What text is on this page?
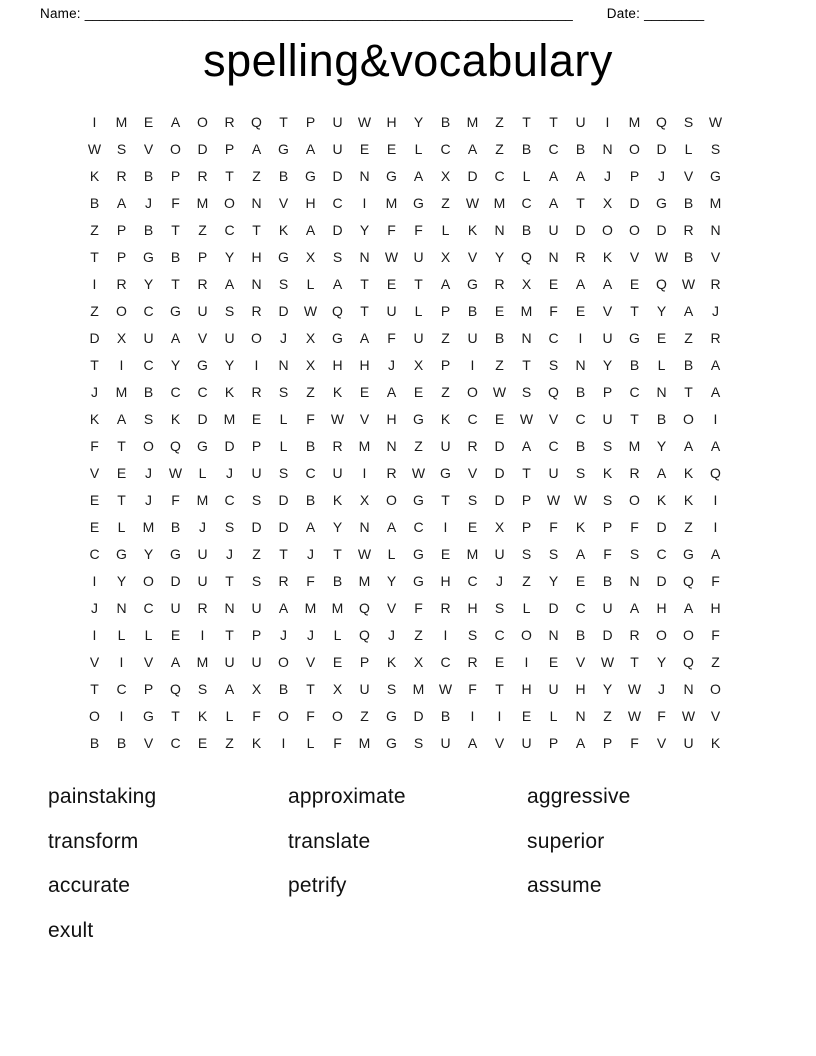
Name: _________________________________________________________________	Date: ________
spelling&vocabulary
I	M	E	A	O	R	Q	T	P	U	W	H	Y	B	M	Z	T	T	U	I	M	Q	S	W
W	S	V	O	D	P	A	G	A	U	E	E	L	C	A	Z	B	C	B	N	O	D	L	S
K	R	B	P	R	T	Z	B	G	D	N	G	A	X	D	C	L	A	A	J	P	J	V	G
B	A	J	F	M	O	N	V	H	C	I	M	G	Z	W	M	C	A	T	X	D	G	B	M
Z	P	B	T	Z	C	T	K	A	D	Y	F	F	L	K	N	B	U	D	O	O	D	R	N
T	P	G	B	P	Y	H	G	X	S	N	W	U	X	V	Y	Q	N	R	K	V	W	B	V
I	R	Y	T	R	A	N	S	L	A	T	E	T	A	G	R	X	E	A	A	E	Q	W	R
Z	O	C	G	U	S	R	D	W	Q	T	U	L	P	B	E	M	F	E	V	T	Y	A	J
D	X	U	A	V	U	O	J	X	G	A	F	U	Z	U	B	N	C	I	U	G	E	Z	R
T	I	C	Y	G	Y	I	N	X	H	H	J	X	P	I	Z	T	S	N	Y	B	L	B	A
J	M	B	C	C	K	R	S	Z	K	E	A	E	Z	O	W	S	Q	B	P	C	N	T	A
K	A	S	K	D	M	E	L	F	W	V	H	G	K	C	E	W	V	C	U	T	B	O	I
F	T	O	Q	G	D	P	L	B	R	M	N	Z	U	R	D	A	C	B	S	M	Y	A	A
V	E	J	W	L	J	U	S	C	U	I	R	W	G	V	D	T	U	S	K	R	A	K	Q
E	T	J	F	M	C	S	D	B	K	X	O	G	T	S	D	P	W W	S	O	K	K	I
E	L	M	B	J	S	D	D	A	Y	N	A	C	I	E	X	P	F	K	P	F	D	Z	I
C	G	Y	G	U	J	Z	T	J	T	W	L	G	E	M	U	S	S	A	F	S	C	G	A
I	Y	O	D	U	T	S	R	F	B	M	Y	G	H	C	J	Z	Y	E	B	N	D	Q	F
J	N	C	U	R	N	U	A	M	M	Q	V	F	R	H	S	L	D	C	U	A	H	A	H
I	L	L	E	I	T	P	J	J	L	Q	J	Z	I	S	C	O	N	B	D	R	O	O	F
V	I	V	A	M	U	U	O	V	E	P	K	X	C	R	E	I	E	V	W	T	Y	Q	Z
T	C	P	Q	S	A	X	B	T	X	U	S	M	W	F	T	H	U	H	Y	W	J	N	O
O	I	G	T	K	L	F	O	F	O	Z	G	D	B	I	I	E	L	N	Z	W	F	W	V
B	B	V	C	E	Z	K	I	L	F	M	G	S	U	A	V	U	P	A	P	F	V	U	K
painstaking
transform
accurate
exult
approximate
translate
petrify
aggressive
superior
assume
